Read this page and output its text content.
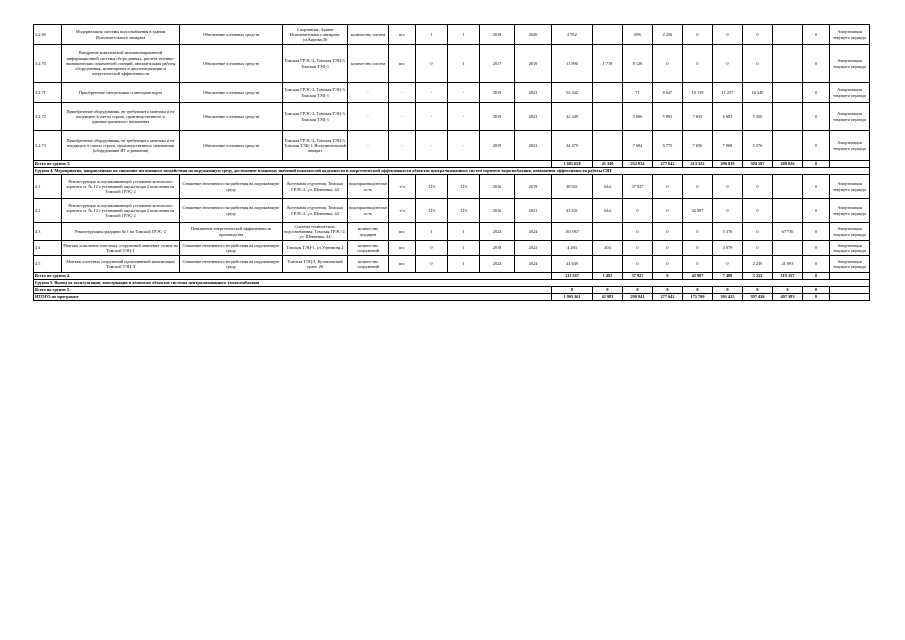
3.2.69	Модернизация системы водоснабжения в здании Исполнительного аппарата	Обновление основных средств	Спортивная, Здание Исполнительного аппарата, ул.Кирова,36	количество систем	шт.	1	1	2019	2020	2 952		696	2 256	0	0	0		0	Амортизация текущего периода
3.2.70	Внедрение комплексной автоматизированной информационной системы сбора данных, расчета технико-экономических показателей станций, автоматизация работы оборудования, мониторинга и диспетчеризации и энергетической эффективности	Обновление основных средств	Томская ГРЭС-2, Томская ТЭЦ-3, Томская ТЭЦ-1	количество систем	шт.	0	1	2017	2019	11 896	1 718	8 128	0	0	0	0		0	Амортизация текущего периода
3.2.71	Приобретение спецтехники и автотранспорта	Обновление основных средств	Томская ГРЭС-2, Томская ТЭЦ-3, Томская ТЭЦ-1	-	-	-	-	2019	2023	53 342		71	8 647	10 139	11 257	16 349		0	Амортизация текущего периода
3.2.72	Приобретение оборудования, не требующего монтажа и не входящего в сметы строек, производственного и административного назначения	Обновление основных средств	Томская ГРЭС-2, Томская ТЭЦ-3, Томская ТЭЦ-1	-	-	-	-	2019	2023	32 349		5 696	5 865	7 635	6 682	5 450		0	Амортизация текущего периода
3.2.73	Приобретение оборудования, не требующего монтажа и не входящего в сметы строек, производственного назначения (оборудование ИТ и развития)	Обновление основных средств	Томская ГРЭС-2, Томская ТЭЦ-3, Томская ТЭЦ-1, Исполнительный аппарат	-	-	-	-	2019	2023	34 479		7 694	5 775	7 656	7 968	5 576		0	Амортизация текущего периода
Всего по группе 3.										1 681 658	41 349	252 934	277 642	213 322	296 819	304 197	288 026	0	
Группа 4. Мероприятия, направленные на снижение негативного воздействия на окружающую среду, достижение плановых значений показателей надежности и энергетической эффективности объектов централизованных систем горячего водоснабжения, повышение эффективности работы СВТ																			
4.1	Реконструкция золоулавливающей установки котельного агрегата ст. № 12 с установкой эмульгатора 2 поколения на Томской ГРЭС-2	Снижение негативного воздействия на окружающую среду	Котельная отделения, Томская ГРЭС-2, ул. Шевченко, 44	водопроизводительность	т/ч	210	210	2016	2019	38 921	644	37 927	0	0	0	0		0	Амортизация текущего периода
4.2	Реконструкция золоулавливающей установки котельного агрегата ст. № 13 с установкой эмульгатора 2 поколения на Томской ГРЭС-2	Снижение негативного воздействия на окружающую среду	Котельная отделения, Томская ГРЭС-2, ул. Шевченко, 44	водопроизводительность	т/ч	210	210	2016	2021	43 631	644	0	0	42 987	0	0		0	Амортизация текущего периода
4.3	Реконструкция градирни № 1 на Томской ГРЭС-2	Повышение энергетической эффективности производства	Система технического водоснабжения, Томская ГРЭС-2, ул. Шевченко, 44	количество градирен	шт.	1	1	2022	2024	101 067		0	0	0	3 376	0	67 736	0	Амортизация текущего периода
4.4	Монтаж локальных очистных сооружений ливневых стоков на Томской ТЭЦ-1	Снижение негативного воздействия на окружающую среду	Томская ТЭЦ-1, ул.Угрюмова,2	количество сооружений	шт.	0	1	2018	2022	4 283	204	0	0	0	4 079	0		0	Амортизация текущего периода
4.5	Монтаж очистных сооружений промливневой канализации Томской ТЭЦ-3	Снижение негативного воздействия на окружающую среду	Томская ТЭЦ-3, Кузовлевский тракт, 26	количество сооружений	шт.	0	1	2022	2024	24 649		0	0	0	0	2 239	21 093	0	Амортизация текущего периода
Всего по группе 4.										211 597	1 492	37 927	0	42 987	7 489	3 235	119 357	0	
Группа 5. Вывод из эксплуатации, консервация и демонтаж объектов системы централизованного теплоснабжения																			
Всего по группе 5.										0	0	0	0	0	0	0	0	0	
ИТОГО по программе										1 903 361	42 983	290 941	277 642	175 700	301 425	397 436	407 383	0	
